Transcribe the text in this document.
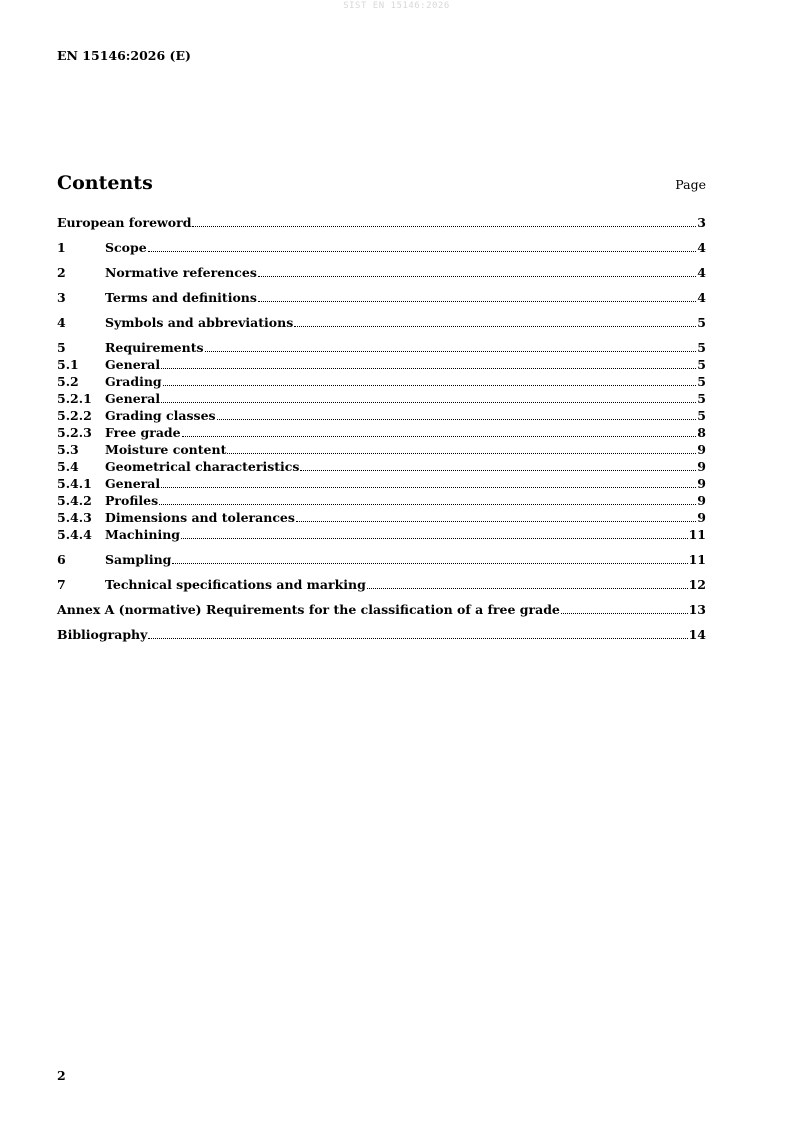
SIST EN 15146:2026
EN 15146:2026 (E)
Contents	Page
European foreword	3
1	Scope	4
2	Normative references	4
3	Terms and definitions	4
4	Symbols and abbreviations	5
5	Requirements	5
5.1	General	5
5.2	Grading	5
5.2.1	General	5
5.2.2	Grading classes	5
5.2.3	Free grade	8
5.3	Moisture content	9
5.4	Geometrical characteristics	9
5.4.1	General	9
5.4.2	Profiles	9
5.4.3	Dimensions and tolerances	9
5.4.4	Machining	11
6	Sampling	11
7	Technical specifications and marking	12
Annex A (normative) Requirements for the classification of a free grade	13
Bibliography	14
2
